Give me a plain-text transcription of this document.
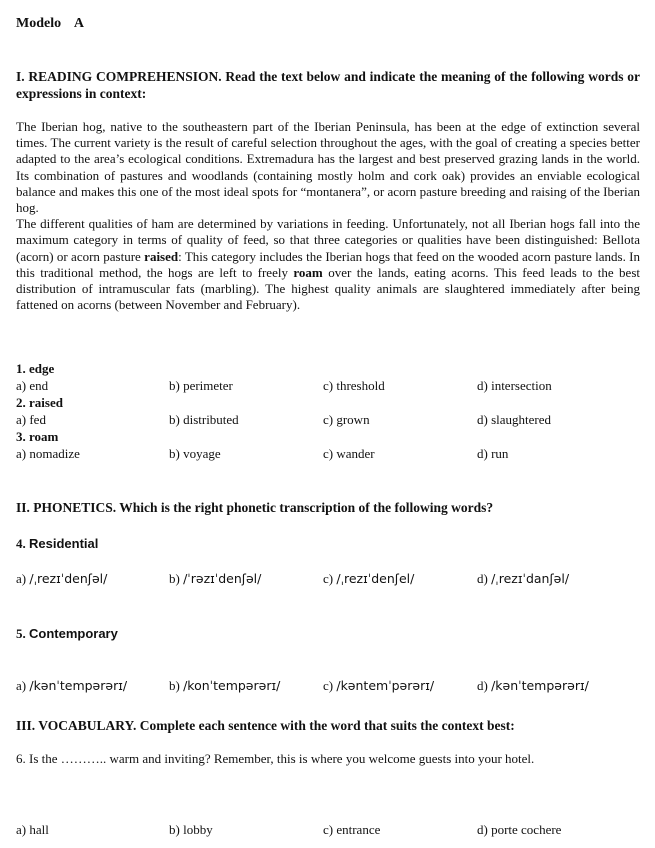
Modelo A
I. READING COMPREHENSION. Read the text below and indicate the meaning of the following words or expressions in context:

The Iberian hog, native to the southeastern part of the Iberian Peninsula, has been at the edge of extinction several times. The current variety is the result of careful selection throughout the ages, with the goal of creating a species better adapted to the area’s ecological conditions. Extremadura has the largest and best preserved grazing lands in the world. Its combination of pastures and woodlands (containing mostly holm and cork oak) provides an enviable ecological balance and makes this one of the most ideal spots for “montanera”, or acorn pasture breeding and raising of the Iberian hog.

The different qualities of ham are determined by variations in feeding. Unfortunately, not all Iberian hogs fall into the maximum category in terms of quality of feed, so that three categories or qualities have been distinguished: Bellota (acorn) or acorn pasture raised: This category includes the Iberian hogs that feed on the wooded acorn pasture lands. In this traditional method, the hogs are left to freely roam over the lands, eating acorns. This feed leads to the best distribution of intramuscular fats (marbling). The highest quality animals are slaughtered immediately after being fattened on acorns (between November and February).

1. edge
a) end	b) perimeter	c) threshold	d) intersection
2. raised
a) fed	b) distributed	c) grown	d) slaughtered
3. roam
a) nomadize	b) voyage	c) wander	d) run
II. PHONETICS. Which is the right phonetic transcription of the following words?
4. Residential
a) /ˌrezɪˈdenʃəl/	b) /ˈrəzɪˈdenʃəl/	c) /ˌrezɪˈdenʃel/	d) /ˌrezɪˈdanʃəl/
5. Contemporary
a) /kənˈtempərərɪ/	b) /konˈtempərərɪ/	c) /kəntemˈpərərɪ/	d) /kənˈtempərərɪ/
III. VOCABULARY. Complete each sentence with the word that suits the context best:
6. Is the ……….. warm and inviting? Remember, this is where you welcome guests into your hotel.
a) hall	b) lobby	c) entrance	d) porte cochere
